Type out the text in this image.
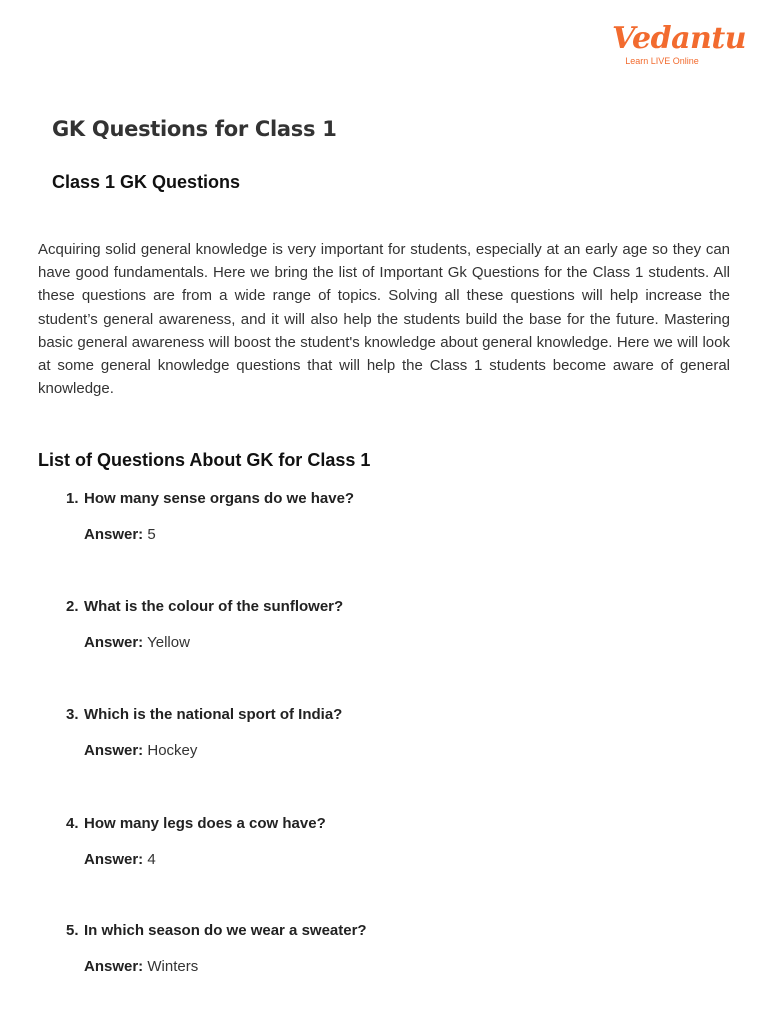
Vedantu
Learn LIVE Online
GK Questions for Class 1
Class 1 GK Questions

Acquiring solid general knowledge is very important for students, especially at an early age so they can have good fundamentals. Here we bring the list of Important Gk Questions for the Class 1 students. All these questions are from a wide range of topics. Solving all these questions will help increase the student’s general awareness, and it will also help the students build the base for the future. Mastering basic general awareness will boost the student's knowledge about general knowledge. Here we will look at some general knowledge questions that will help the Class 1 students become aware of general knowledge.

List of Questions About GK for Class 1
1. How many sense organs do we have?
Answer: 5
2. What is the colour of the sunflower?
Answer: Yellow
3. Which is the national sport of India?
Answer: Hockey
4. How many legs does a cow have?
Answer: 4
5. In which season do we wear a sweater?
Answer: Winters
